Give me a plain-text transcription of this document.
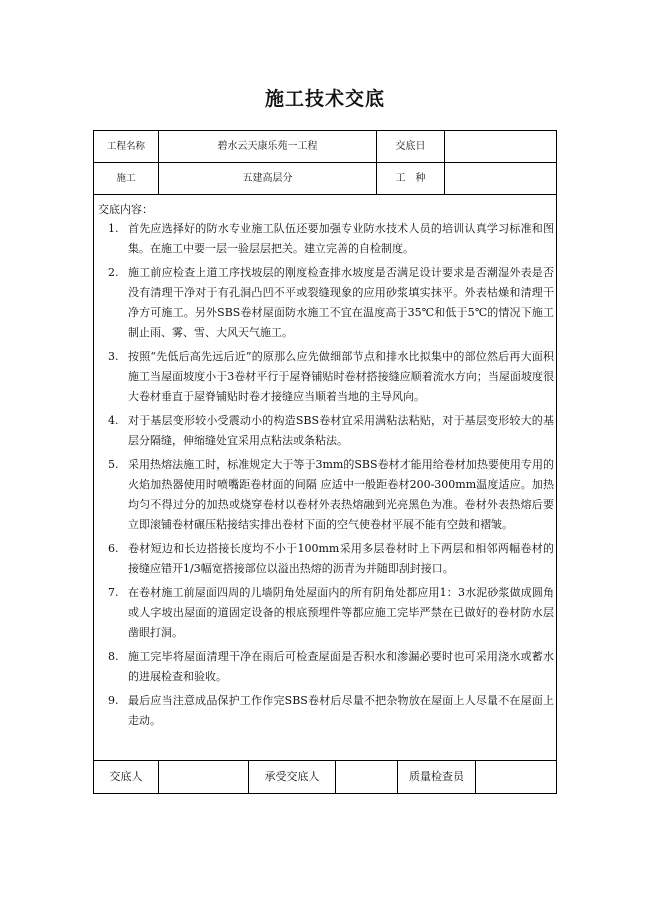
施工技术交底
工程名称	碧水云天康乐苑一工程	交底日
施工	五建高层分	工　种
交底内容：
1. 首先应选择好的防水专业施工队伍还要加强专业防水技术人员的培训认真学习标准和图集。在施工中要一层一验层层把关。建立完善的自检制度。
2. 施工前应检查上道工序找坡层的刚度检查排水坡度是否满足设计要求是否潮湿外表是否没有清理干净对于有孔洞凸凹不平或裂缝现象的应用砂浆填实抹平。外表枯燥和清理干净方可施工。另外SBS卷材屋面防水施工不宜在温度高于35℃和低于5℃的情况下施工制止雨、雾、雪、大风天气施工。
3. 按照“先低后高先远后近”的原那么应先做细部节点和排水比拟集中的部位然后再大面积施工当屋面坡度小于3卷材平行于屋脊铺贴时卷材搭接缝应顺着流水方向；当屋面坡度很大卷材垂直于屋脊铺贴时卷才接缝应当顺着当地的主导风向。
4. 对于基层变形较小受震动小的构造SBS卷材宜采用满粘法粘贴，对于基层变形较大的基层分隔缝，伸缩缝处宜采用点粘法或条粘法。
5. 采用热熔法施工时，标准规定大于等于3mm的SBS卷材才能用给卷材加热要使用专用的火焰加热器使用时喷嘴距卷材面的间隔 应适中一般距卷材200-300mm温度适应。加热均匀不得过分的加热或烧穿卷材以卷材外表热熔融到光亮黑色为准。卷材外表热熔后要立即滚铺卷材碾压粘接结实排出卷材下面的空气使卷材平展不能有空鼓和褶皱。
6. 卷材短边和长边搭接长度均不小于100mm采用多层卷材时上下两层和相邻两幅卷材的接缝应错开1/3幅宽搭接部位以溢出热熔的沥青为并随即刮封接口。
7. 在卷材施工前屋面四周的儿墙阴角处屋面内的所有阴角处都应用1：3水泥砂浆做成圆角或人字坡出屋面的道固定设备的根底预埋件等都应施工完毕严禁在已做好的卷材防水层凿眼打洞。
8. 施工完毕将屋面清理干净在雨后可检查屋面是否积水和渗漏必要时也可采用浇水或蓄水的进展检查和验收。
9. 最后应当注意成品保护工作作完SBS卷材后尽量不把杂物放在屋面上人尽量不在屋面上走动。
交底人	承受交底人	质量检查员
